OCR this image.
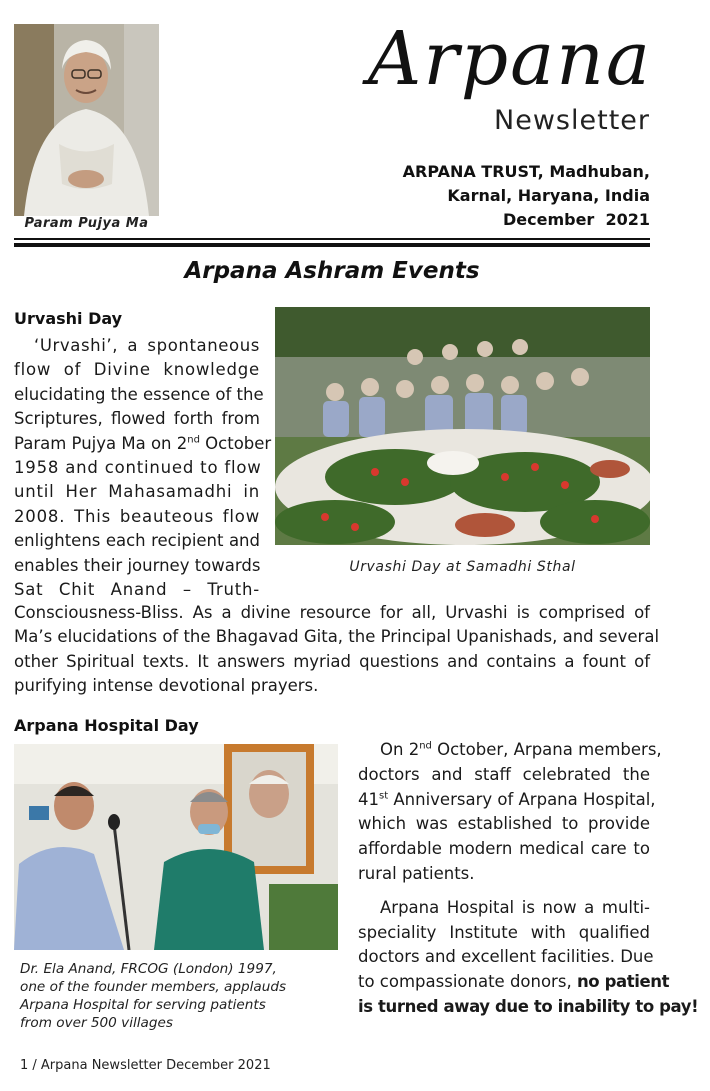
Param Pujya Ma
Arpana
Newsletter
ARPANA TRUST, Madhuban,
Karnal, Haryana, India
December  2021
Arpana Ashram Events
Urvashi Day
‘Urvashi’, a spontaneous
flow of Divine knowledge
elucidating the essence of the
Scriptures, flowed forth from
Param Pujya Ma on 2nd October
1958 and continued to flow
until Her Mahasamadhi in
2008. This beauteous flow
enlightens each recipient and
enables their journey towards
Sat Chit Anand – Truth-
Urvashi Day at Samadhi Sthal
Consciousness-Bliss. As a divine resource for all, Urvashi is comprised of
Ma’s elucidations of the Bhagavad Gita, the Principal Upanishads, and several
other Spiritual texts. It answers myriad questions and contains a fount of
purifying intense devotional prayers.
Arpana Hospital Day
Dr. Ela Anand, FRCOG (London) 1997,
one of the founder members, applauds
Arpana Hospital for serving patients
from over 500 villages
On 2nd October, Arpana members,
doctors and staff celebrated the
41st Anniversary of Arpana Hospital,
which was established to provide
affordable modern medical care to
rural patients.
Arpana Hospital is now a multi-
speciality Institute with qualified
doctors and excellent facilities. Due
to compassionate donors, no patient
is turned away due to inability to pay!
1 / Arpana Newsletter December 2021
